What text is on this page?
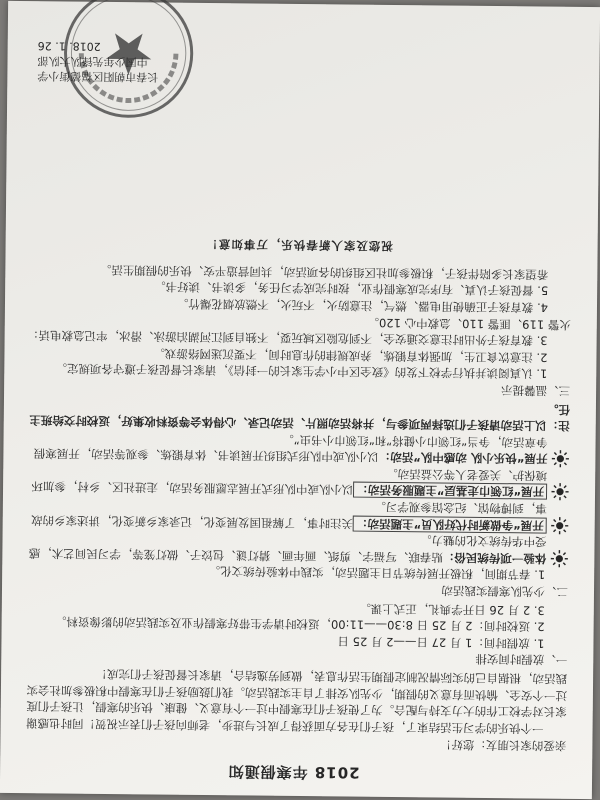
2018 年寒假通知

亲爱的家长朋友：您好！

一个快乐的学习生活结束了，孩子们在各方面获得了成长与进步，老师向孩子们表示祝贺！同时也感谢家长对学校工作的大力支持与配合。为了使孩子们在寒假中过一个有意义、健康、快乐的寒假，让孩子们度过一个安全、愉快而有意义的假期，少先队安排了自主实践活动。我们鼓励孩子们在寒假中积极参加社会实践活动，根据自己的实际情况制定假期生活作息表，做到劳逸结合，请家长督促孩子们完成！

一、放假时间安排

1. 放假时间：1 月 27 日——2 月 25 日

2. 返校时间：2 月 25 日 8:30——11:00，返校时请学生带好寒假作业及实践活动的影像资料。

3. 2 月 26 日开学典礼，正式上课。

二、少先队寒假实践活动

1. 春节期间，积极开展传统节日主题活动，实践中体验传统文化。

体验一项传统民俗：贴春联、写福字、剪纸、画年画、猜灯谜、包饺子、做灯笼等，学习民间艺术，感受中华传统文化的魅力。

开展“争做新时代好队员”主题活动：关注时事，了解祖国发展变化，记录家乡新变化，讲述家乡的故事，到博物馆、纪念馆参观学习。

开展“红领巾走基层”主题服务活动：以小队或中队形式开展志愿服务活动，走进社区、乡村，参加环境保护、关爱老人等公益活动。

开展“快乐小队 动感中队”活动：以小队或中队形式组织开展读书、体育锻炼、参观等活动，开展寒假争章活动，争当“红领巾小健将”和“红领巾小书虫”。

注：以上活动请孩子们选择两项参与，并将活动照片、活动记录、心得体会等资料收集好，返校时交给班主任。

三、温馨提示

1. 认真阅读并执行学校下发的《致全区中小学生家长的一封信》，请家长督促孩子遵守各项规定。

2. 注意饮食卫生，加强体育锻炼，养成规律的作息时间，不要沉迷网络游戏。

3. 教育孩子外出时注意交通安全，不到危险区域玩耍，不独自到江河湖泊游泳、滑冰，牢记急救电话：火警 119、匪警 110、急救中心 120。

4. 教育孩子正确使用电器、燃气，注意防火，不玩火，不燃放烟花爆竹。

5. 督促孩子认真、有序完成寒假作业，按时完成学习任务，多读书、读好书。

希望家长多陪伴孩子，积极参加社区组织的各项活动，共同营造平安、快乐的假期生活。

祝您及家人新春快乐，万事如意！

长春市朝阳区福德街小学
中国少年先锋队大队部
2018. 1. 26
